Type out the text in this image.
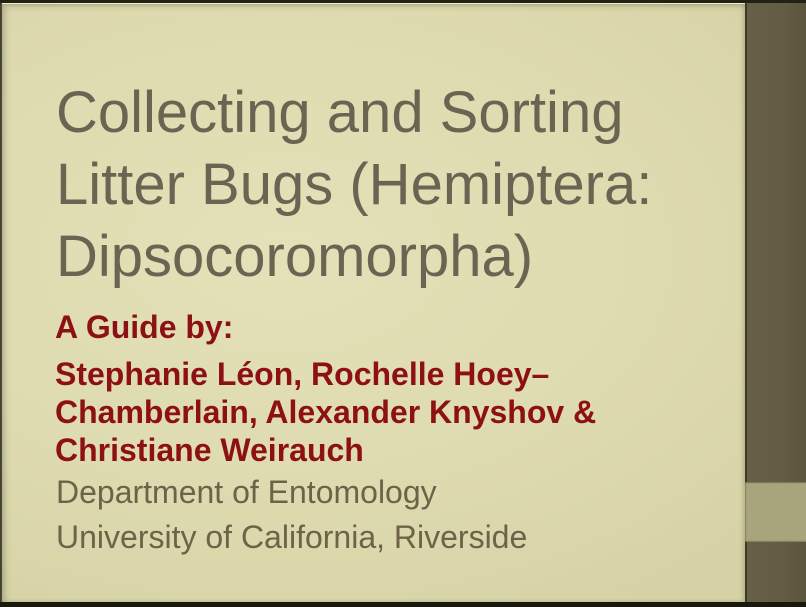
Collecting and Sorting
Litter Bugs (Hemiptera:
Dipsocoromorpha)
A Guide by:
Stephanie Léon, Rochelle Hoey–
Chamberlain, Alexander Knyshov &
Christiane Weirauch
Department of Entomology
University of California, Riverside
